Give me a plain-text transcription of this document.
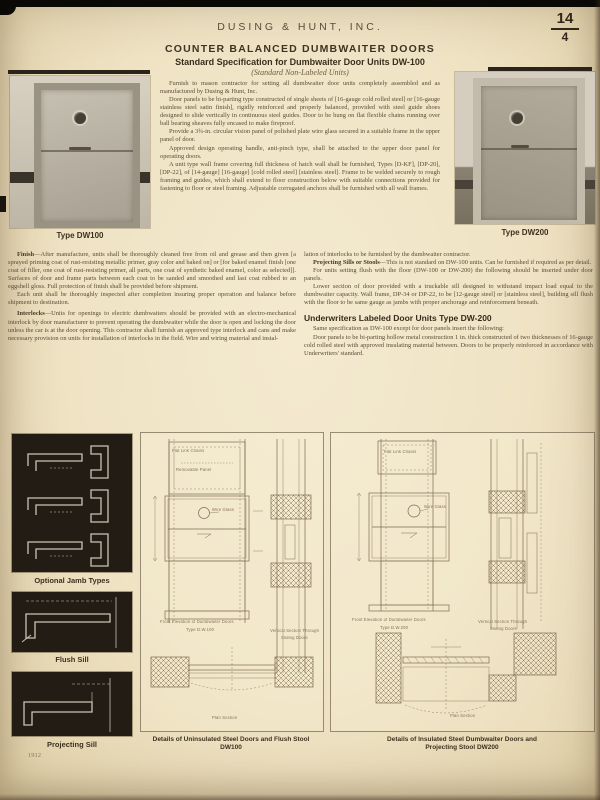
DUSING & HUNT, INC.	14
4
COUNTER BALANCED DUMBWAITER DOORS
Type DW100	Type DW200
Standard Specification for Dumbwaiter Door Units DW-100
(Standard Non-Labeled Units)

Furnish to mason contractor for setting all dumbwaiter door units completely assembled and as manufactured by Dusing & Hunt, Inc.

Door panels to be bi-parting type constructed of single sheets of [16-gauge cold rolled steel] or [16-gauge stainless steel satin finish], rigidly reinforced and properly balanced, provided with steel guide shoes designed to slide vertically in continuous steel guides. Door to be hung on flat flexible chains running over ball bearing sheaves fully encased to make fireproof.

Provide a 3¾-in. circular vision panel of polished plate wire glass secured in a suitable frame in the upper panel of door.

Approved design operating handle, anti-pinch type, shall be attached to the upper door panel for operating doors.

A unit type wall frame covering full thickness of hatch wall shall be furnished, Types [D-KF], [DP-20], [DP-22], of [14-gauge] [16-gauge] [cold rolled steel] [stainless steel]. Frame to be welded securely to rough framing and guides, which shall extend to floor construction below with suitable connections provided for fastening to floor or steel framing. Adjustable corrugated anchors shall be furnished with all wall frames.

Finish—After manufacture, units shall be thoroughly cleaned free from oil and grease and then given [a sprayed priming coat of rust-resisting metallic primer, gray color and baked on] or [for baked enamel finish [one coat of filler, one coat of rust-resisting primer, all parts, one coat of synthetic baked enamel, color as selected]]. Surfaces of door and frame parts between each coat to be sanded and smoothed and last coat rubbed to an eggshell gloss. Full protection of finish shall be provided before shipment.

Each unit shall be thoroughly inspected after completion insuring proper operation and balance before shipment to destination.

Interlocks—Units for openings to electric dumbwaiters should be provided with an electro-mechanical interlock by door manufacturer to prevent operating the dumbwaiter while the door is open and locking the door unless the car is at the door opening. This contractor shall furnish an approved type interlock and cans and make necessary provision on units for installation of interlocks in the field. Wire and wiring material and instal-

lation of interlocks to be furnished by the dumbwaiter contractor.

Projecting Sills or Stools—This is not standard on DW-100 units. Can be furnished if required as per detail.

For units setting flush with the floor (DW-100 or DW-200) the following should be inserted under door panels.

Lower section of door provided with a truckable sill designed to withstand impact load equal to the dumbwaiter capacity. Wall frame, DP-34 or DP-22, to be [12-gauge steel] or [stainless steel], building sill flush with the floor to be same gauge as jambs with proper anchorage and reinforcement beneath.

Underwriters Labeled Door Units Type DW-200

Same specification as DW-100 except for door panels insert the following:

Door panels to be bi-parting hollow metal construction 1 in. thick constructed of two thicknesses of 16-gauge cold rolled steel with approved insulating material between. Doors to be properly reinforced in accordance with Underwriters' standard.

Optional Jamb Types
Flush Sill
Projecting Sill
1912
Flat Link Chains
Removable Panel
Wire Glass
Front Elevation of Dumbwaiter Doors
Type D.W.100	Vertical Section Through
Sliding Doors
Plan Section
Details of Uninsulated Steel Doors and Flush Stool
DW100
Flat Link Chains
Wire Glass
Front Elevation of Dumbwaiter Doors
Type D.W.200
Vertical Section Through
Sliding Doors
Plan Section
Details of Insulated Steel Dumbwaiter Doors and
Projecting Stool DW200
